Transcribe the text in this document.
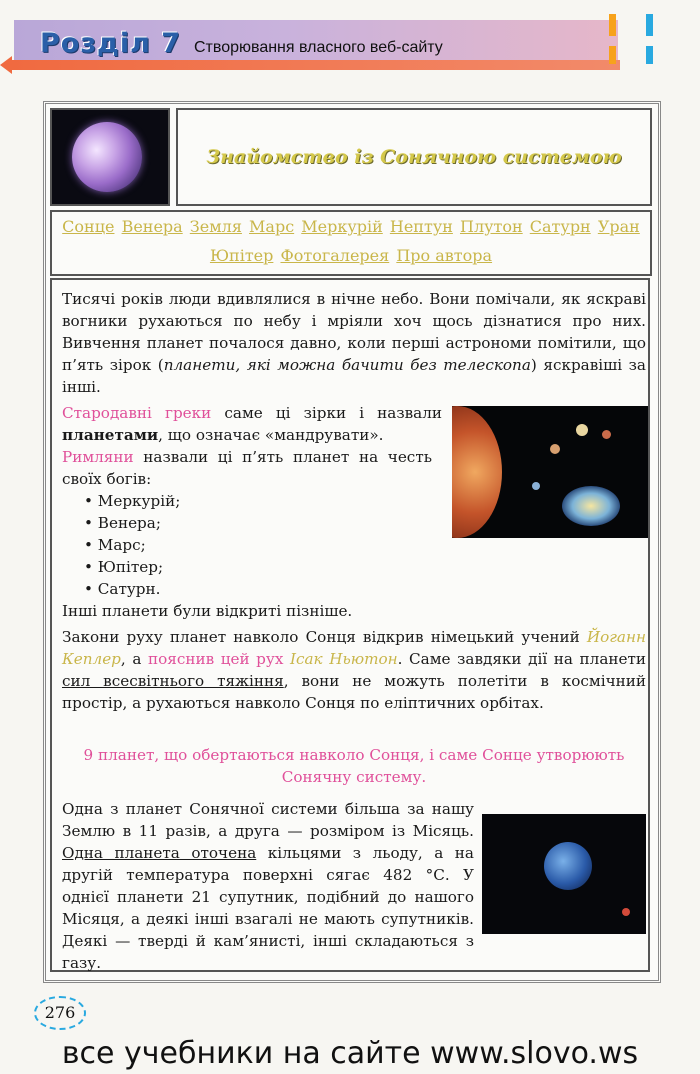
Розділ 7 Створювання власного веб-сайту
Знайомство із Сонячною системою
Сонце Венера Земля Марс Меркурій Нептун Плутон Сатурн Уран
Юпітер Фотогалерея Про автора
Тисячі років люди вдивлялися в нічне небо. Вони помічали, як яскраві вогники рухаються по небу і мріяли хоч щось дізнатися про них. Вивчення планет почалося давно, коли перші астрономи помітили, що п’ять зірок (планети, які можна бачити без телескопа) яскравіші за інші.
Стародавні греки саме ці зірки і назвали планетами, що означає «мандрувати».
Римляни назвали ці п’ять планет на честь своїх богів:
• Меркурій;
• Венера;
• Марс;
• Юпітер;
• Сатурн.
Інші планети були відкриті пізніше.
Закони руху планет навколо Сонця відкрив німецький учений Йоганн Кеплер, а пояснив цей рух Ісак Ньютон. Саме завдяки дії на планети сил всесвітнього тяжіння, вони не можуть полетіти в космічний простір, а рухаються навколо Сонця по еліптичних орбітах.
9 планет, що обертаються навколо Сонця, і саме Сонце утворюють Сонячну систему.
Одна з планет Сонячної системи більша за нашу Землю в 11 разів, а друга — розміром із Місяць. Одна планета оточена кільцями з льоду, а на другій температура поверхні сягає 482 °С. У однієї планети 21 супутник, подібний до нашого Місяця, а деякі інші взагалі не мають супутників. Деякі — тверді й кам’янисті, інші складаються з газу.
276
все учебники на сайте www.slovo.ws
